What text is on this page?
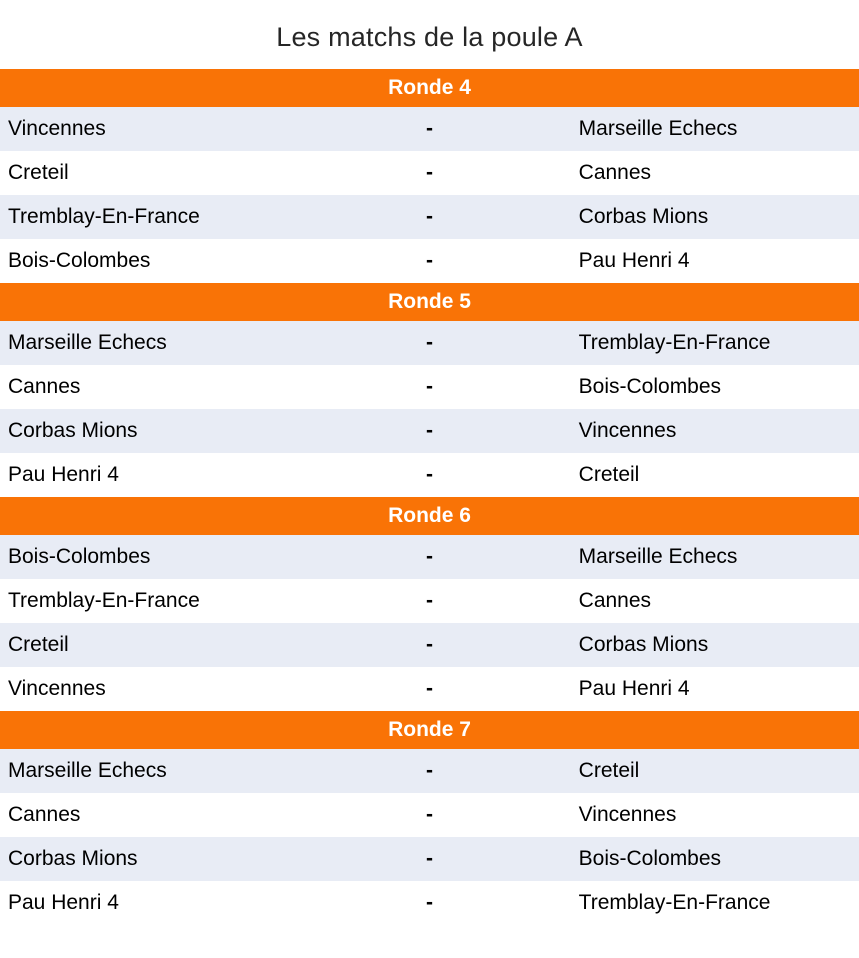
Les matchs de la poule A
Ronde 4		
Vincennes	-	Marseille Echecs
Creteil	-	Cannes
Tremblay-En-France	-	Corbas Mions
Bois-Colombes	-	Pau Henri 4
Ronde 5		
Marseille Echecs	-	Tremblay-En-France
Cannes	-	Bois-Colombes
Corbas Mions	-	Vincennes
Pau Henri 4	-	Creteil
Ronde 6		
Bois-Colombes	-	Marseille Echecs
Tremblay-En-France	-	Cannes
Creteil	-	Corbas Mions
Vincennes	-	Pau Henri 4
Ronde 7		
Marseille Echecs	-	Creteil
Cannes	-	Vincennes
Corbas Mions	-	Bois-Colombes
Pau Henri 4	-	Tremblay-En-France
